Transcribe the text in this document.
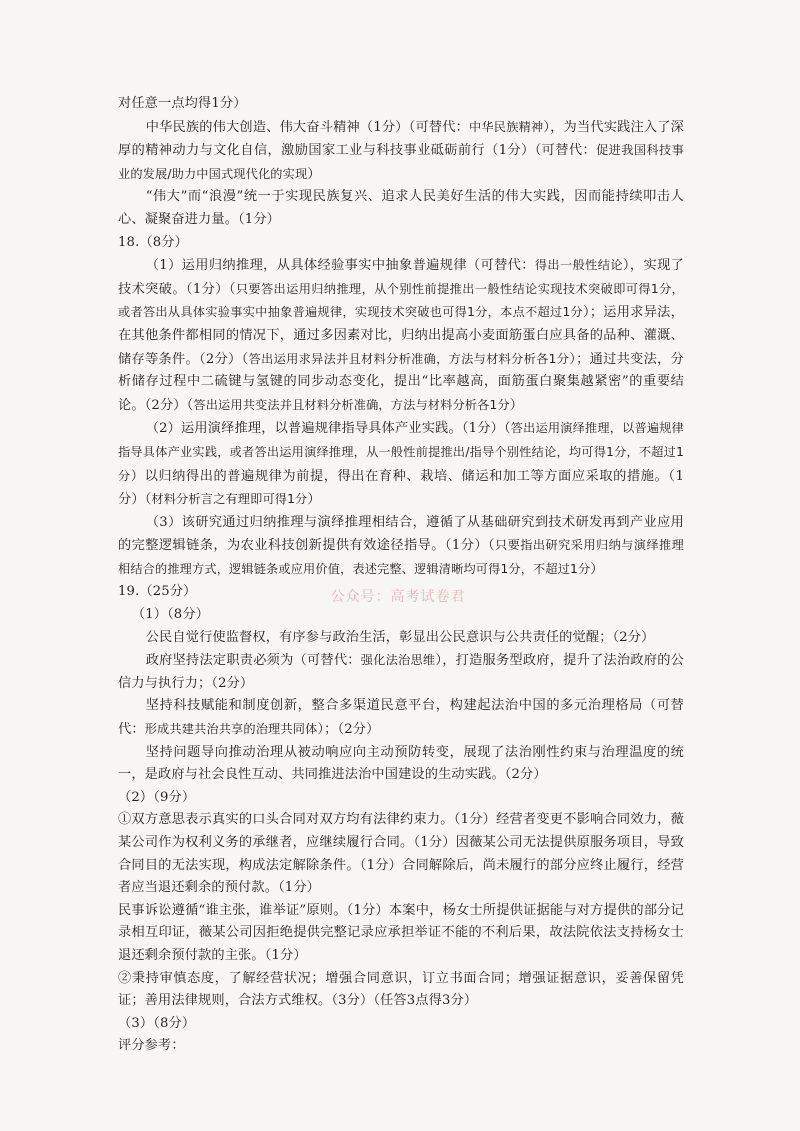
对任意一点均得1分）

中华民族的伟大创造、伟大奋斗精神（1分）（可替代：中华民族精神），为当代实践注入了深厚的精神动力与文化自信，激励国家工业与科技事业砥砺前行（1分）（可替代：促进我国科技事业的发展/助力中国式现代化的实现）

“伟大”而“浪漫”统一于实现民族复兴、追求人民美好生活的伟大实践，因而能持续叩击人心、凝聚奋进力量。（1分）

18.（8分）

（1）运用归纳推理，从具体经验事实中抽象普遍规律（可替代：得出一般性结论），实现了技术突破。（1分）（只要答出运用归纳推理，从个别性前提推出一般性结论实现技术突破即可得1分，或者答出从具体实验事实中抽象普遍规律，实现技术突破也可得1分，本点不超过1分）；运用求异法，在其他条件都相同的情况下，通过多因素对比，归纳出提高小麦面筋蛋白应具备的品种、灌溉、储存等条件。（2分）（答出运用求异法并且材料分析准确，方法与材料分析各1分）；通过共变法，分析储存过程中二硫键与氢键的同步动态变化，提出“比率越高，面筋蛋白聚集越紧密”的重要结论。（2分）（答出运用共变法并且材料分析准确，方法与材料分析各1分）

（2）运用演绎推理，以普遍规律指导具体产业实践。（1分）（答出运用演绎推理，以普遍规律指导具体产业实践，或者答出运用演绎推理，从一般性前提推出/指导个别性结论，均可得1分，不超过1分）以归纳得出的普遍规律为前提，得出在育种、栽培、储运和加工等方面应采取的措施。（1分）（材料分析言之有理即可得1分）

（3）该研究通过归纳推理与演绎推理相结合，遵循了从基础研究到技术研发再到产业应用的完整逻辑链条，为农业科技创新提供有效途径指导。（1分）（只要指出研究采用归纳与演绎推理相结合的推理方式，逻辑链条或应用价值，表述完整、逻辑清晰均可得1分，不超过1分）

19.（25分）

（1）（8分）

公民自觉行使监督权，有序参与政治生活，彰显出公民意识与公共责任的觉醒；（2分）

政府坚持法定职责必须为（可替代：强化法治思维），打造服务型政府，提升了法治政府的公信力与执行力；（2分）

坚持科技赋能和制度创新，整合多渠道民意平台，构建起法治中国的多元治理格局（可替代：形成共建共治共享的治理共同体）；（2分）

坚持问题导向推动治理从被动响应向主动预防转变，展现了法治刚性约束与治理温度的统一，是政府与社会良性互动、共同推进法治中国建设的生动实践。（2分）

（2）（9分）

①双方意思表示真实的口头合同对双方均有法律约束力。（1分）经营者变更不影响合同效力，薇某公司作为权利义务的承继者，应继续履行合同。（1分）因薇某公司无法提供原服务项目，导致合同目的无法实现，构成法定解除条件。（1分）合同解除后，尚未履行的部分应终止履行，经营者应当退还剩余的预付款。（1分）

民事诉讼遵循“谁主张，谁举证”原则。（1分）本案中，杨女士所提供证据能与对方提供的部分记录相互印证，薇某公司因拒绝提供完整记录应承担举证不能的不利后果，故法院依法支持杨女士退还剩余预付款的主张。（1分）

②秉持审慎态度，了解经营状况；增强合同意识，订立书面合同；增强证据意识，妥善保留凭证；善用法律规则，合法方式维权。（3分）（任答3点得3分）

（3）（8分）

评分参考：

公众号：高考试卷君
